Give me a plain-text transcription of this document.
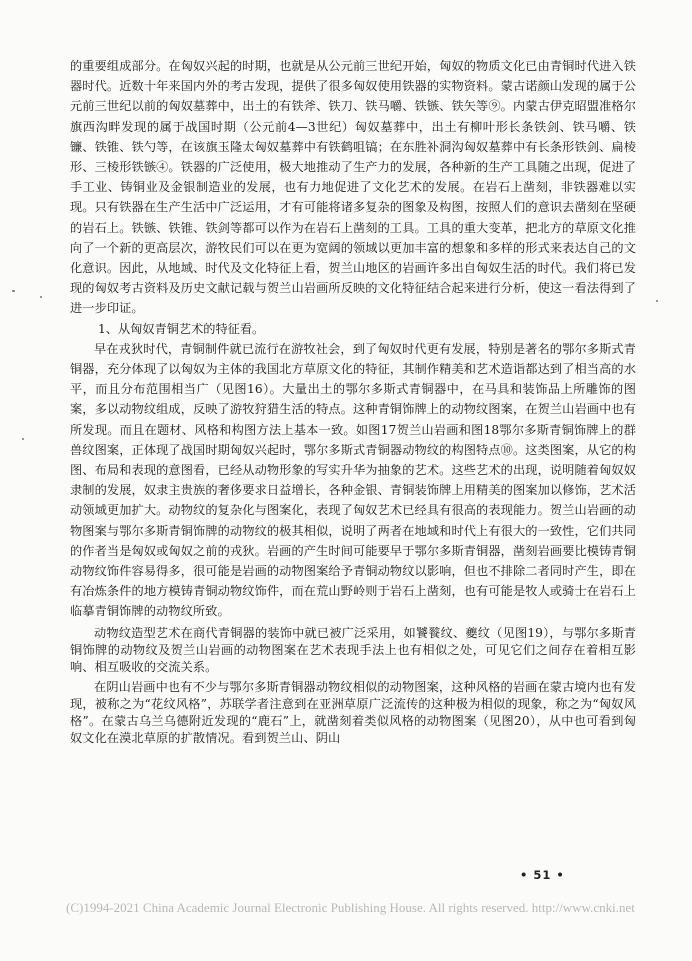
的重要组成部分。在匈奴兴起的时期，也就是从公元前三世纪开始，匈奴的物质文化已由青铜时代进入铁器时代。近数十年来国内外的考古发现，提供了很多匈奴使用铁器的实物资料。蒙古诺颜山发现的属于公元前三世纪以前的匈奴墓葬中，出土的有铁斧、铁刀、铁马嚼、铁镞、铁矢等⑨。内蒙古伊克昭盟准格尔旗西沟畔发现的属于战国时期（公元前4—3世纪）匈奴墓葬中，出土有柳叶形长条铁剑、铁马嚼、铁镰、铁锥、铁勺等，在该旗玉隆太匈奴墓葬中有铁鹤咀镐；在东胜补洞沟匈奴墓葬中有长条形铁剑、扁棱形、三棱形铁镞④。铁器的广泛使用，极大地推动了生产力的发展，各种新的生产工具随之出现，促进了手工业、铸铜业及金银制造业的发展，也有力地促进了文化艺术的发展。在岩石上凿刻，非铁器难以实现。只有铁器在生产生活中广泛运用，才有可能将诸多复杂的图象及构图，按照人们的意识去凿刻在坚硬的岩石上。铁镞、铁锥、铁剑等都可以作为在岩石上凿刻的工具。工具的重大变革，把北方的草原文化推向了一个新的更高层次，游牧民们可以在更为宽阔的领域以更加丰富的想象和多样的形式来表达自己的文化意识。因此，从地域、时代及文化特征上看，贺兰山地区的岩画许多出自匈奴生活的时代。我们将已发现的匈奴考古资料及历史文献记载与贺兰山岩画所反映的文化特征结合起来进行分析，使这一看法得到了进一步印证。

1、从匈奴青铜艺术的特征看。

早在戎狄时代，青铜制件就已流行在游牧社会，到了匈奴时代更有发展，特别是著名的鄂尔多斯式青铜器，充分体现了以匈奴为主体的我国北方草原文化的特征，其制作精美和艺术造诣都达到了相当高的水平，而且分布范围相当广（见图16）。大量出土的鄂尔多斯式青铜器中，在马具和装饰品上所雕饰的图案，多以动物纹组成，反映了游牧狩猎生活的特点。这种青铜饰牌上的动物纹图案，在贺兰山岩画中也有所发现。而且在题材、风格和构图方法上基本一致。如图17贺兰山岩画和图18鄂尔多斯青铜饰牌上的群兽纹图案，正体现了战国时期匈奴兴起时，鄂尔多斯式青铜器动物纹的构图特点⑩。这类图案，从它的构图、布局和表现的意图看，已经从动物形象的写实升华为抽象的艺术。这些艺术的出现，说明随着匈奴奴隶制的发展，奴隶主贵族的奢侈要求日益增长，各种金银、青铜装饰牌上用精美的图案加以修饰，艺术活动领域更加扩大。动物纹的复杂化与图案化，表现了匈奴艺术已经具有很高的表现能力。贺兰山岩画的动物图案与鄂尔多斯青铜饰牌的动物纹的极其相似，说明了两者在地域和时代上有很大的一致性，它们共同的作者当是匈奴或匈奴之前的戎狄。岩画的产生时间可能要早于鄂尔多斯青铜器，凿刻岩画要比模铸青铜动物纹饰件容易得多，很可能是岩画的动物图案给予青铜动物纹以影响，但也不排除二者同时产生，即在有冶炼条件的地方模铸青铜动物纹饰件，而在荒山野岭则于岩石上凿刻，也有可能是牧人或骑士在岩石上临摹青铜饰牌的动物纹所致。

动物纹造型艺术在商代青铜器的装饰中就已被广泛采用，如饕餮纹、夔纹（见图19），与鄂尔多斯青铜饰牌的动物纹及贺兰山岩画的动物图案在艺术表现手法上也有相似之处，可见它们之间存在着相互影响、相互吸收的交流关系。

在阴山岩画中也有不少与鄂尔多斯青铜器动物纹相似的动物图案，这种风格的岩画在蒙古境内也有发现，被称之为“花纹风格”，苏联学者注意到在亚洲草原广泛流传的这种极为相似的现象，称之为“匈奴风格”。在蒙古乌兰乌德附近发现的“鹿石”上，就凿刻着类似风格的动物图案（见图20），从中也可看到匈奴文化在漠北草原的扩散情况。看到贺兰山、阴山

• 51 •
(C)1994-2021 China Academic Journal Electronic Publishing House. All rights reserved. http://www.cnki.net
